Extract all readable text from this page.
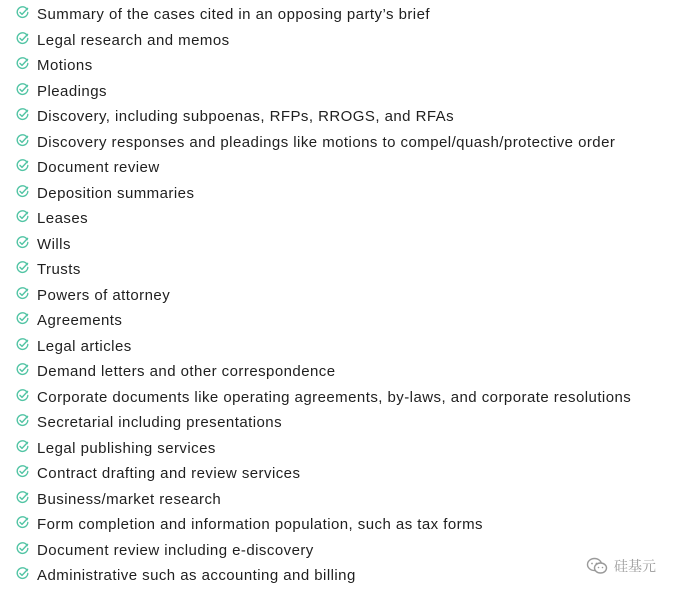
Summary of the cases cited in an opposing party’s brief
Legal research and memos
Motions
Pleadings
Discovery, including subpoenas, RFPs, RROGS, and RFAs
Discovery responses and pleadings like motions to compel/quash/protective order
Document review
Deposition summaries
Leases
Wills
Trusts
Powers of attorney
Agreements
Legal articles
Demand letters and other correspondence
Corporate documents like operating agreements, by-laws, and corporate resolutions
Secretarial including presentations
Legal publishing services
Contract drafting and review services
Business/market research
Form completion and information population, such as tax forms
Document review including e-discovery
Administrative such as accounting and billing
硅基元
